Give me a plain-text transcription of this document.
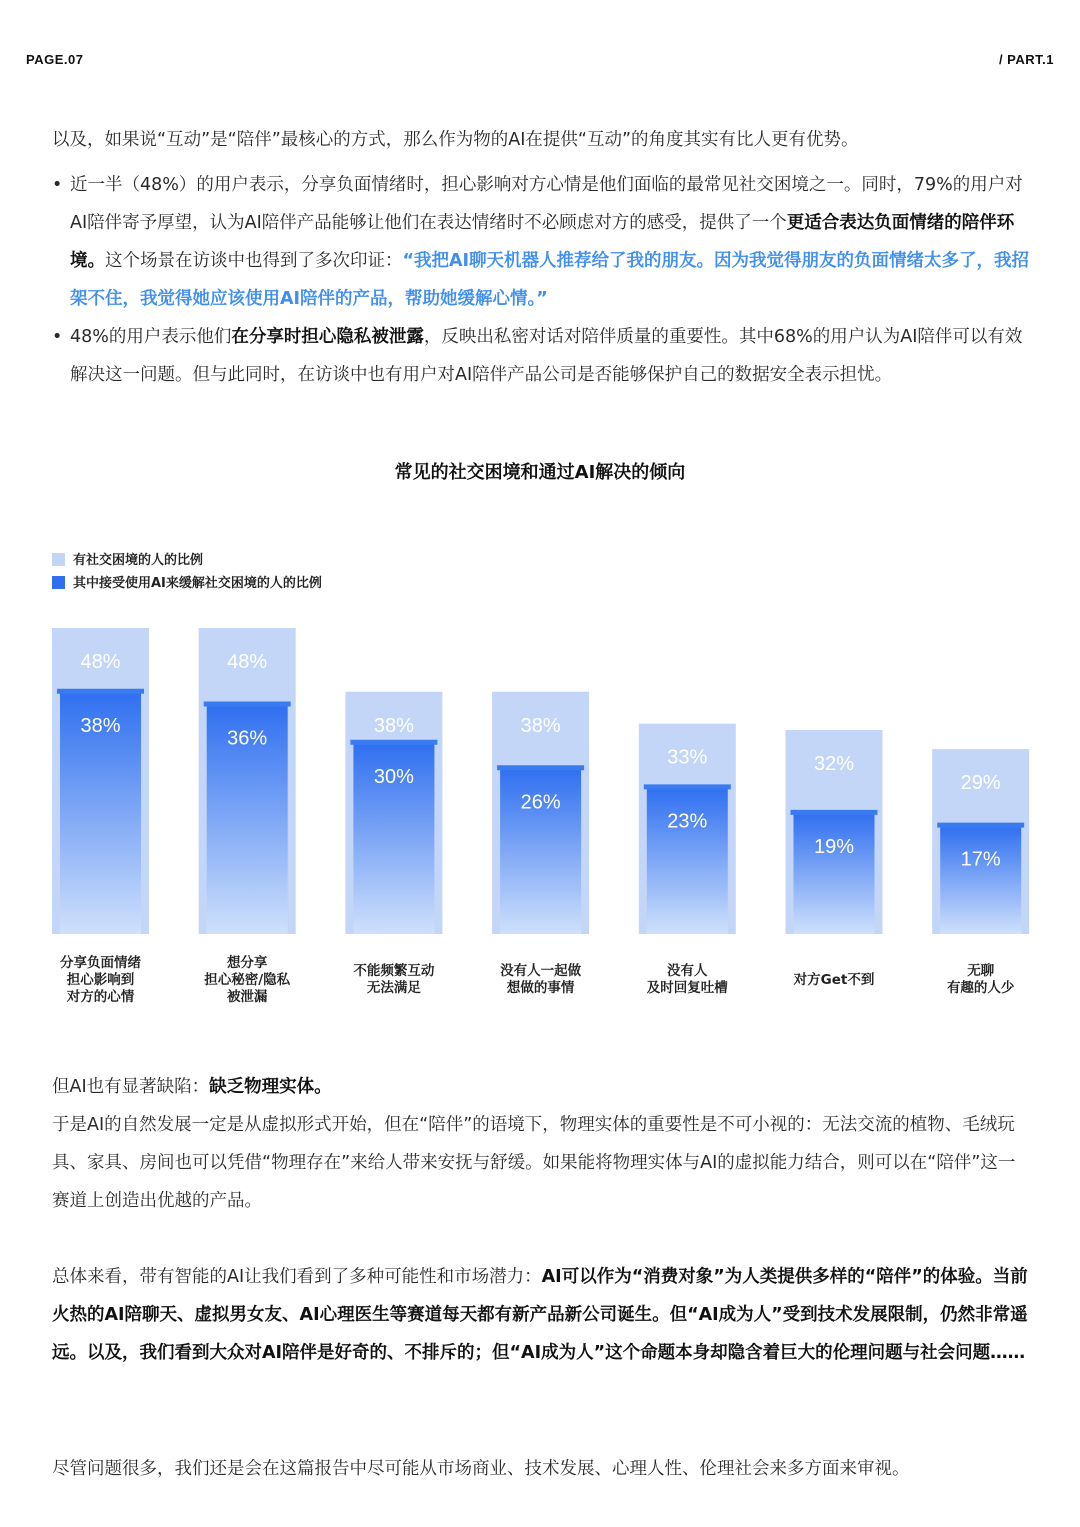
PAGE.07	/ PART.1
以及，如果说“互动”是“陪伴”最核心的方式，那么作为物的AI在提供“互动”的角度其实有比人更有优势。
• 近一半（48%）的用户表示，分享负面情绪时，担心影响对方心情是他们面临的最常见社交困境之一。同时，79%的用户对AI陪伴寄予厚望，认为AI陪伴产品能够让他们在表达情绪时不必顾虑对方的感受，提供了一个更适合表达负面情绪的陪伴环境。这个场景在访谈中也得到了多次印证：“我把AI聊天机器人推荐给了我的朋友。因为我觉得朋友的负面情绪太多了，我招架不住，我觉得她应该使用AI陪伴的产品，帮助她缓解心情。”
• 48%的用户表示他们在分享时担心隐私被泄露，反映出私密对话对陪伴质量的重要性。其中68%的用户认为AI陪伴可以有效解决这一问题。但与此同时，在访谈中也有用户对AI陪伴产品公司是否能够保护自己的数据安全表示担忧。
常见的社交困境和通过AI解决的倾向
有社交困境的人的比例
其中接受使用AI来缓解社交困境的人的比例
48%
38%
48%
36%
38%
30%
38%
26%
33%
23%
32%
19%
29%
17%
分享负面情绪
担心影响到
对方的心情
想分享
担心秘密/隐私
被泄漏
不能频繁互动
无法满足
没有人一起做
想做的事情
没有人
及时回复吐槽
对方Get不到
无聊
有趣的人少
但AI也有显著缺陷：缺乏物理实体。
于是AI的自然发展一定是从虚拟形式开始，但在“陪伴”的语境下，物理实体的重要性是不可小视的：无法交流的植物、毛绒玩具、家具、房间也可以凭借“物理存在”来给人带来安抚与舒缓。如果能将物理实体与AI的虚拟能力结合，则可以在“陪伴”这一赛道上创造出优越的产品。
总体来看，带有智能的AI让我们看到了多种可能性和市场潜力：AI可以作为“消费对象”为人类提供多样的“陪伴”的体验。当前火热的AI陪聊天、虚拟男女友、AI心理医生等赛道每天都有新产品新公司诞生。但“AI成为人”受到技术发展限制，仍然非常遥远。以及，我们看到大众对AI陪伴是好奇的、不排斥的；但“AI成为人”这个命题本身却隐含着巨大的伦理问题与社会问题……
尽管问题很多，我们还是会在这篇报告中尽可能从市场商业、技术发展、心理人性、伦理社会来多方面来审视。
